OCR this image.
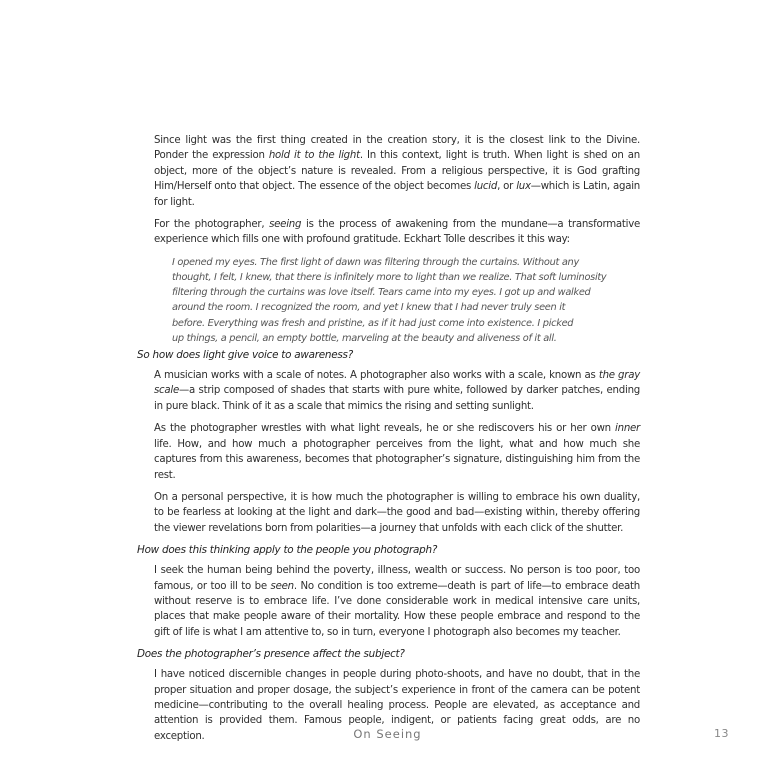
Since light was the first thing created in the creation story, it is the closest link to the Divine. Ponder the expression hold it to the light. In this context, light is truth. When light is shed on an object, more of the object’s nature is revealed. From a religious perspective, it is God grafting Him/Herself onto that object. The essence of the object becomes lucid, or lux—which is Latin, again for light.

For the photographer, seeing is the process of awakening from the mundane—a transformative experience which fills one with profound gratitude. Eckhart Tolle describes it this way:

I opened my eyes. The first light of dawn was filtering through the curtains. Without any
thought, I felt, I knew, that there is infinitely more to light than we realize. That soft luminosity
filtering through the curtains was love itself. Tears came into my eyes. I got up and walked
around the room. I recognized the room, and yet I knew that I had never truly seen it
before. Everything was fresh and pristine, as if it had just come into existence. I picked
up things, a pencil, an empty bottle, marveling at the beauty and aliveness of it all.
So how does light give voice to awareness?

A musician works with a scale of notes. A photographer also works with a scale, known as the gray scale—a strip composed of shades that starts with pure white, followed by darker patches, ending in pure black. Think of it as a scale that mimics the rising and setting sunlight.

As the photographer wrestles with what light reveals, he or she rediscovers his or her own inner life. How, and how much a photographer perceives from the light, what and how much she captures from this awareness, becomes that photographer’s signature, distinguishing him from the rest.

On a personal perspective, it is how much the photographer is willing to embrace his own duality, to be fearless at looking at the light and dark—the good and bad—existing within, thereby offering the viewer revelations born from polarities—a journey that unfolds with each click of the shutter.

How does this thinking apply to the people you photograph?

I seek the human being behind the poverty, illness, wealth or success. No person is too poor, too famous, or too ill to be seen. No condition is too extreme—death is part of life—to embrace death without reserve is to embrace life. I’ve done considerable work in medical intensive care units, places that make people aware of their mortality. How these people embrace and respond to the gift of life is what I am attentive to, so in turn, everyone I photograph also becomes my teacher.

Does the photographer’s presence affect the subject?

I have noticed discernible changes in people during photo-shoots, and have no doubt, that in the proper situation and proper dosage, the subject’s experience in front of the camera can be potent medicine—contributing to the overall healing process. People are elevated, as acceptance and attention is provided them. Famous people, indigent, or patients facing great odds, are no exception.	On Seeing	13
